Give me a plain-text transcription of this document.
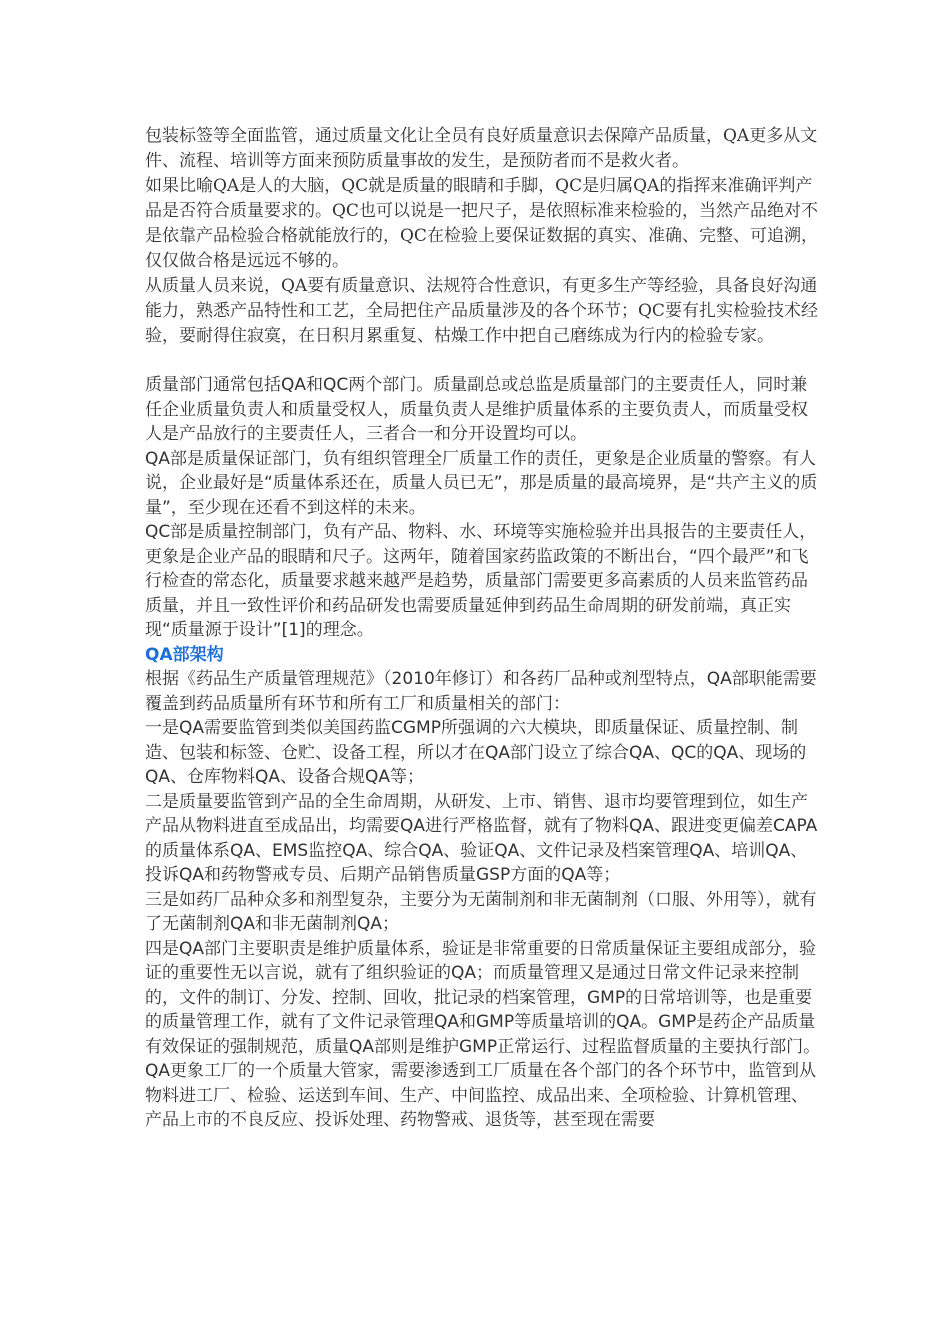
包装标签等全面监管，通过质量文化让全员有良好质量意识去保障产品质量，QA更多从文件、流程、培训等方面来预防质量事故的发生，是预防者而不是救火者。

如果比喻QA是人的大脑，QC就是质量的眼睛和手脚，QC是归属QA的指挥来准确评判产品是否符合质量要求的。QC也可以说是一把尺子，是依照标准来检验的，当然产品绝对不是依靠产品检验合格就能放行的，QC在检验上要保证数据的真实、准确、完整、可追溯，仅仅做合格是远远不够的。

从质量人员来说，QA要有质量意识、法规符合性意识，有更多生产等经验，具备良好沟通能力，熟悉产品特性和工艺，全局把住产品质量涉及的各个环节；QC要有扎实检验技术经验，要耐得住寂寞，在日积月累重复、枯燥工作中把自己磨练成为行内的检验专家。

质量部门通常包括QA和QC两个部门。质量副总或总监是质量部门的主要责任人，同时兼任企业质量负责人和质量受权人，质量负责人是维护质量体系的主要负责人，而质量受权人是产品放行的主要责任人，三者合一和分开设置均可以。

QA部是质量保证部门，负有组织管理全厂质量工作的责任，更象是企业质量的警察。有人说，企业最好是“质量体系还在，质量人员已无”，那是质量的最高境界，是“共产主义的质量”，至少现在还看不到这样的未来。

QC部是质量控制部门，负有产品、物料、水、环境等实施检验并出具报告的主要责任人，更象是企业产品的眼睛和尺子。这两年，随着国家药监政策的不断出台，“四个最严”和飞行检查的常态化，质量要求越来越严是趋势，质量部门需要更多高素质的人员来监管药品质量，并且一致性评价和药品研发也需要质量延伸到药品生命周期的研发前端，真正实现“质量源于设计”[1]的理念。

QA部架构

根据《药品生产质量管理规范》（2010年修订）和各药厂品种或剂型特点，QA部职能需要覆盖到药品质量所有环节和所有工厂和质量相关的部门：

一是QA需要监管到类似美国药监CGMP所强调的六大模块，即质量保证、质量控制、制造、包装和标签、仓贮、设备工程，所以才在QA部门设立了综合QA、QC的QA、现场的QA、仓库物料QA、设备合规QA等；

二是质量要监管到产品的全生命周期，从研发、上市、销售、退市均要管理到位，如生产产品从物料进直至成品出，均需要QA进行严格监督，就有了物料QA、跟进变更偏差CAPA的质量体系QA、EMS监控QA、综合QA、验证QA、文件记录及档案管理QA、培训QA、投诉QA和药物警戒专员、后期产品销售质量GSP方面的QA等；

三是如药厂品种众多和剂型复杂，主要分为无菌制剂和非无菌制剂（口服、外用等），就有了无菌制剂QA和非无菌制剂QA；

四是QA部门主要职责是维护质量体系，验证是非常重要的日常质量保证主要组成部分，验证的重要性无以言说，就有了组织验证的QA；而质量管理又是通过日常文件记录来控制的，文件的制订、分发、控制、回收，批记录的档案管理，GMP的日常培训等，也是重要的质量管理工作，就有了文件记录管理QA和GMP等质量培训的QA。GMP是药企产品质量有效保证的强制规范，质量QA部则是维护GMP正常运行、过程监督质量的主要执行部门。

QA更象工厂的一个质量大管家，需要渗透到工厂质量在各个部门的各个环节中，监管到从物料进工厂、检验、运送到车间、生产、中间监控、成品出来、全项检验、计算机管理、产品上市的不良反应、投诉处理、药物警戒、退货等，甚至现在需要
